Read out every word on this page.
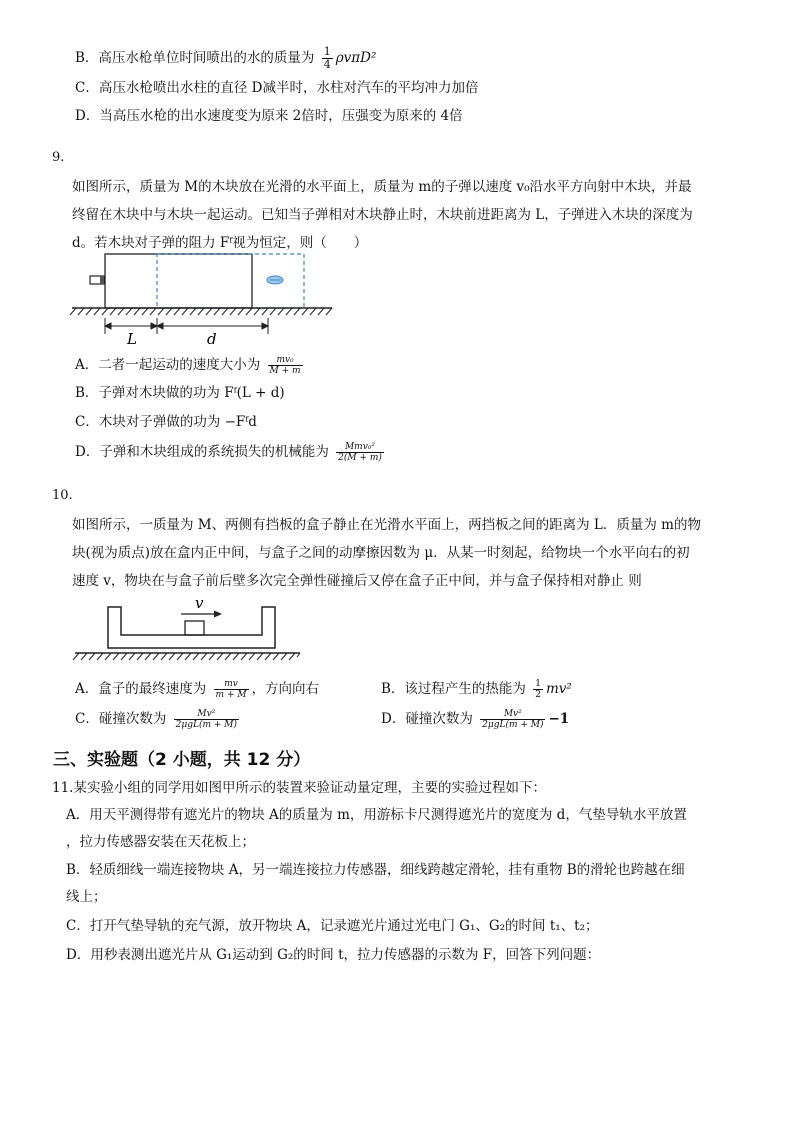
B．高压水枪单位时间喷出的水的质量为 $\frac{1}{4} \rho v\pi D^2$
C．高压水枪喷出水柱的直径 D减半时，水柱对汽车的平均冲力加倍
D．当高压水枪的出水速度变为原来 2倍时，压强变为原来的 4倍
9.
如图所示，质量为 M的木块放在光滑的水平面上，质量为 m的子弹以速度 v₀沿水平方向射中木块，并最
终留在木块中与木块一起运动。已知当子弹相对木块静止时，木块前进距离为 L，子弹进入木块的深度为
d。若木块对子弹的阻力 Fᶠ视为恒定，则（　　）
L	d
A．二者一起运动的速度大小为 $\frac{\text{mv₀}}{M + m}$
B．子弹对木块做的功为 Fᶠ(L + d)
C．木块对子弹做的功为 −Fᶠd
D．子弹和木块组成的系统损失的机械能为 $\frac{\text{Mmv₀²}}{2(M + m)}$
10.
如图所示，一质量为 M、两侧有挡板的盒子静止在光滑水平面上，两挡板之间的距离为 L．质量为 m的物
块(视为质点)放在盒内正中间，与盒子之间的动摩擦因数为 μ．从某一时刻起，给物块一个水平向右的初
速度 v，物块在与盒子前后壁多次完全弹性碰撞后又停在盒子正中间，并与盒子保持相对静止 则
v
A．盒子的最终速度为 $\frac{mv}{m + M}$ ，方向向右	B．该过程产生的热能为 $\frac{1}{2} mv^2$
C．碰撞次数为 $\frac{\text{Mv²}}{\text{2μgL(m + M)}}$	D．碰撞次数为 $\frac{\text{Mv²}}{\text{2μgL(m + M)}} -1$
三、实验题（2 小题，共 12 分）
11.某实验小组的同学用如图甲所示的装置来验证动量定理，主要的实验过程如下：
A．用天平测得带有遮光片的物块 A的质量为 m，用游标卡尺测得遮光片的宽度为 d，气垫导轨水平放置
，拉力传感器安装在天花板上；
B．轻质细线一端连接物块 A，另一端连接拉力传感器，细线跨越定滑轮，挂有重物 B的滑轮也跨越在细
线上；
C．打开气垫导轨的充气源，放开物块 A，记录遮光片通过光电门 G₁、G₂的时间 t₁、t₂；
D．用秒表测出遮光片从 G₁运动到 G₂的时间 t，拉力传感器的示数为 F，回答下列问题：
